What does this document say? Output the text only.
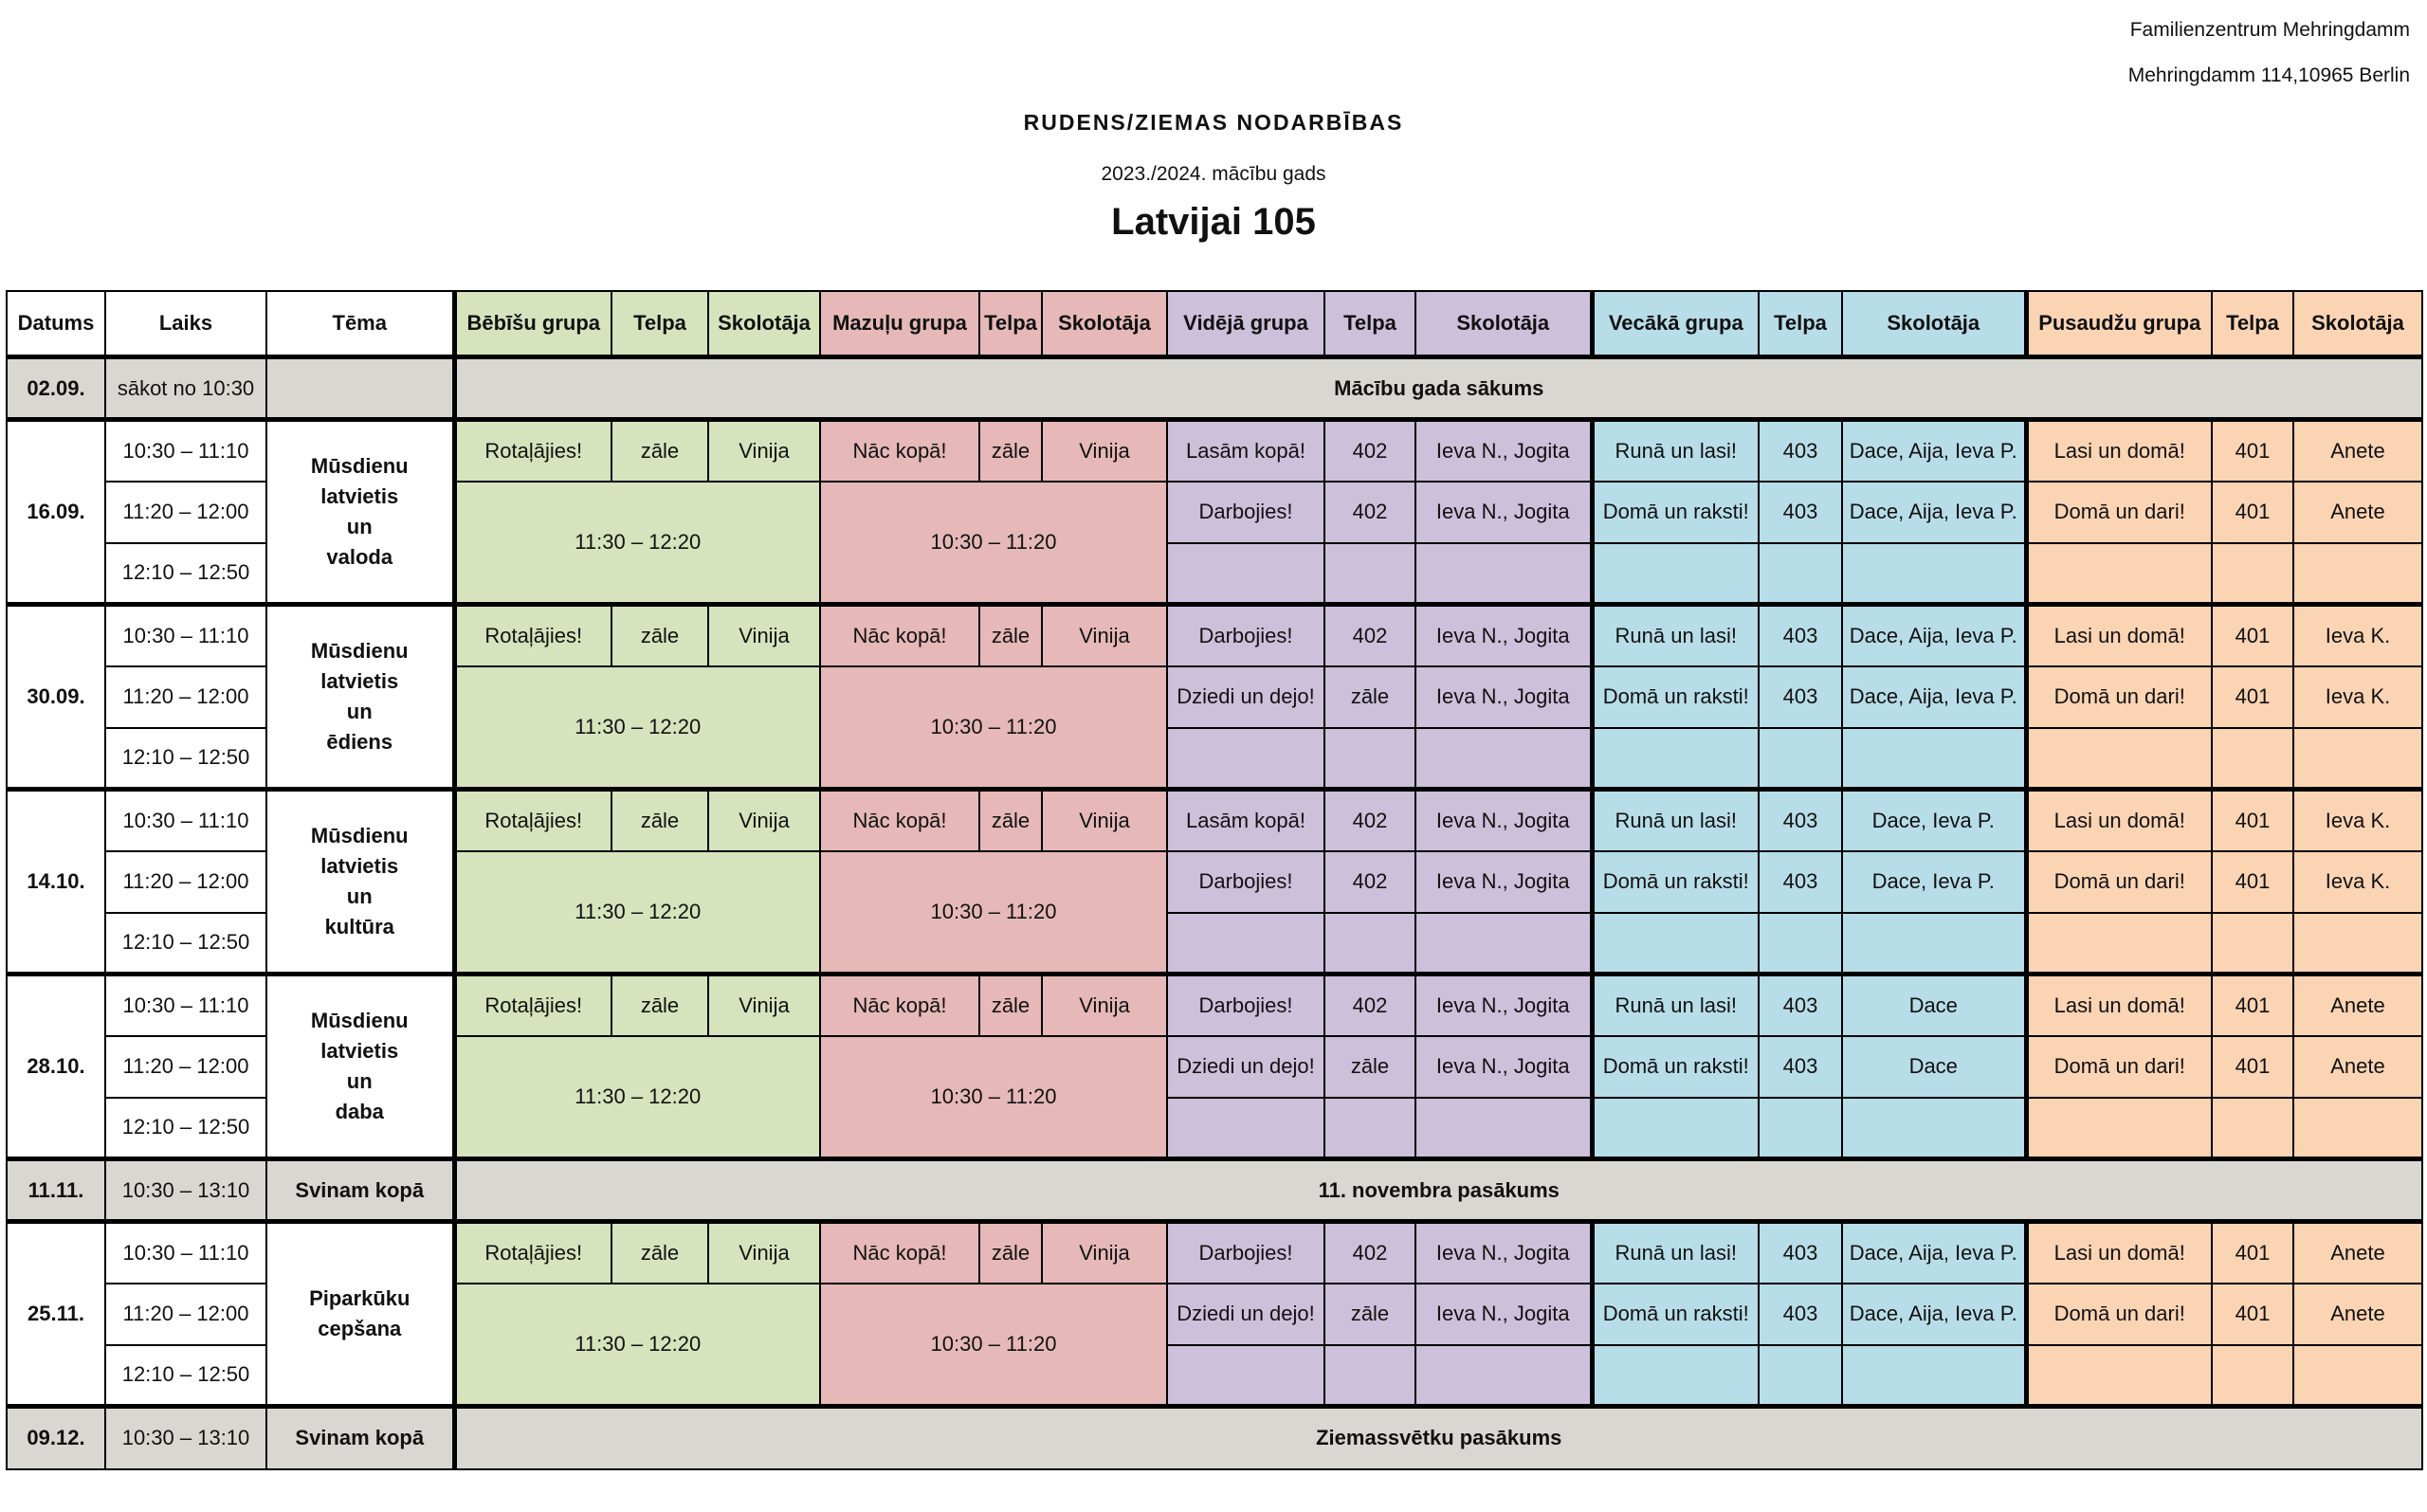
Familienzentrum Mehringdamm
Mehringdamm 114,10965 Berlin
RUDENS/ZIEMAS NODARBĪBAS
2023./2024. mācību gads
Latvijai 105
Datums	Laiks	Tēma	Bēbīšu grupa	Telpa	Skolotāja	Mazuļu grupa	Telpa	Skolotāja	Vidējā grupa	Telpa	Skolotāja	Vecākā grupa	Telpa	Skolotāja	Pusaudžu grupa	Telpa	Skolotāja
02.09.	sākot no 10:30		Mācību gada sākums														
16.09.	10:30 – 11:10	Mūsdienu
latvietis
un
valoda	Rotaļājies!	zāle	Vinija	Nāc kopā!	zāle	Vinija	Lasām kopā!	402	Ieva N., Jogita	Runā un lasi!	403	Dace, Aija, Ieva P.	Lasi un domā!	401	Anete
	11:20 – 12:00		11:30 – 12:20			10:30 – 11:20			Darbojies!	402	Ieva N., Jogita	Domā un raksti!	403	Dace, Aija, Ieva P.	Domā un dari!	401	Anete
	12:10 – 12:50																
30.09.	10:30 – 11:10	Mūsdienu
latvietis
un
ēdiens	Rotaļājies!	zāle	Vinija	Nāc kopā!	zāle	Vinija	Darbojies!	402	Ieva N., Jogita	Runā un lasi!	403	Dace, Aija, Ieva P.	Lasi un domā!	401	Ieva K.
	11:20 – 12:00		11:30 – 12:20			10:30 – 11:20			Dziedi un dejo!	zāle	Ieva N., Jogita	Domā un raksti!	403	Dace, Aija, Ieva P.	Domā un dari!	401	Ieva K.
	12:10 – 12:50																
14.10.	10:30 – 11:10	Mūsdienu
latvietis
un
kultūra	Rotaļājies!	zāle	Vinija	Nāc kopā!	zāle	Vinija	Lasām kopā!	402	Ieva N., Jogita	Runā un lasi!	403	Dace, Ieva P.	Lasi un domā!	401	Ieva K.
	11:20 – 12:00		11:30 – 12:20			10:30 – 11:20			Darbojies!	402	Ieva N., Jogita	Domā un raksti!	403	Dace, Ieva P.	Domā un dari!	401	Ieva K.
	12:10 – 12:50																
28.10.	10:30 – 11:10	Mūsdienu
latvietis
un
daba	Rotaļājies!	zāle	Vinija	Nāc kopā!	zāle	Vinija	Darbojies!	402	Ieva N., Jogita	Runā un lasi!	403	Dace	Lasi un domā!	401	Anete
	11:20 – 12:00		11:30 – 12:20			10:30 – 11:20			Dziedi un dejo!	zāle	Ieva N., Jogita	Domā un raksti!	403	Dace	Domā un dari!	401	Anete
	12:10 – 12:50																
11.11.	10:30 – 13:10	Svinam kopā	11. novembra pasākums														
25.11.	10:30 – 11:10	Piparkūku
cepšana	Rotaļājies!	zāle	Vinija	Nāc kopā!	zāle	Vinija	Darbojies!	402	Ieva N., Jogita	Runā un lasi!	403	Dace, Aija, Ieva P.	Lasi un domā!	401	Anete
	11:20 – 12:00		11:30 – 12:20			10:30 – 11:20			Dziedi un dejo!	zāle	Ieva N., Jogita	Domā un raksti!	403	Dace, Aija, Ieva P.	Domā un dari!	401	Anete
	12:10 – 12:50																
09.12.	10:30 – 13:10	Svinam kopā	Ziemassvētku pasākums														
